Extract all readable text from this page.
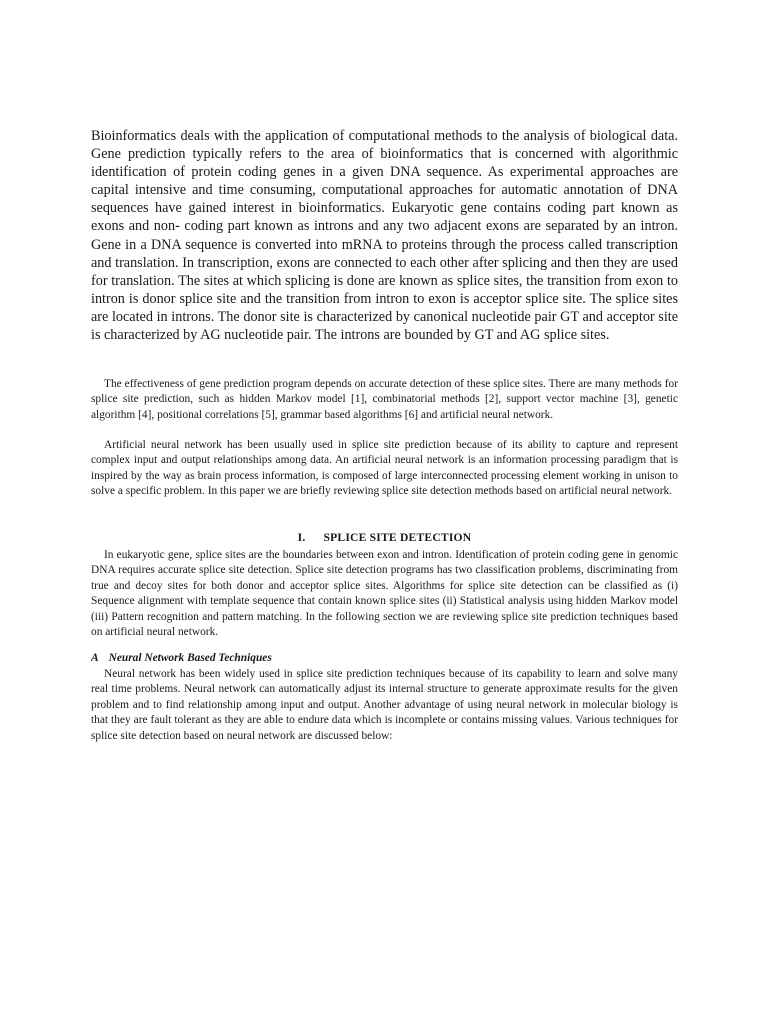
Bioinformatics deals with the application of computational methods to the analysis of biological data. Gene prediction typically refers to the area of bioinformatics that is concerned with algorithmic identification of protein coding genes in a given DNA sequence. As experimental approaches are capital intensive and time consuming, computational approaches for automatic annotation of DNA sequences have gained interest in bioinformatics. Eukaryotic gene contains coding part known as exons and non- coding part known as introns and any two adjacent exons are separated by an intron. Gene in a DNA sequence is converted into mRNA to proteins through the process called transcription and translation. In transcription, exons are connected to each other after splicing and then they are used for translation. The sites at which splicing is done are known as splice sites, the transition from exon to intron is donor splice site and the transition from intron to exon is acceptor splice site. The splice sites are located in introns. The donor site is characterized by canonical nucleotide pair GT and acceptor site is characterized by AG nucleotide pair. The introns are bounded by GT and AG splice sites.

The effectiveness of gene prediction program depends on accurate detection of these splice sites. There are many methods for splice site prediction, such as hidden Markov model [1], combinatorial methods [2], support vector machine [3], genetic algorithm [4], positional correlations [5], grammar based algorithms [6] and artificial neural network.

Artificial neural network has been usually used in splice site prediction because of its ability to capture and represent complex input and output relationships among data. An artificial neural network is an information processing paradigm that is inspired by the way as brain process information, is composed of large interconnected processing element working in unison to solve a specific problem. In this paper we are briefly reviewing splice site detection methods based on artificial neural network.

I. SPLICE SITE DETECTION

In eukaryotic gene, splice sites are the boundaries between exon and intron. Identification of protein coding gene in genomic DNA requires accurate splice site detection. Splice site detection programs has two classification problems, discriminating from true and decoy sites for both donor and acceptor splice sites. Algorithms for splice site detection can be classified as (i) Sequence alignment with template sequence that contain known splice sites (ii) Statistical analysis using hidden Markov model (iii) Pattern recognition and pattern matching. In the following section we are reviewing splice site prediction techniques based on artificial neural network.

A Neural Network Based Techniques

Neural network has been widely used in splice site prediction techniques because of its capability to learn and solve many real time problems. Neural network can automatically adjust its internal structure to generate approximate results for the given problem and to find relationship among input and output. Another advantage of using neural network in molecular biology is that they are fault tolerant as they are able to endure data which is incomplete or contains missing values. Various techniques for splice site detection based on neural network are discussed below:
